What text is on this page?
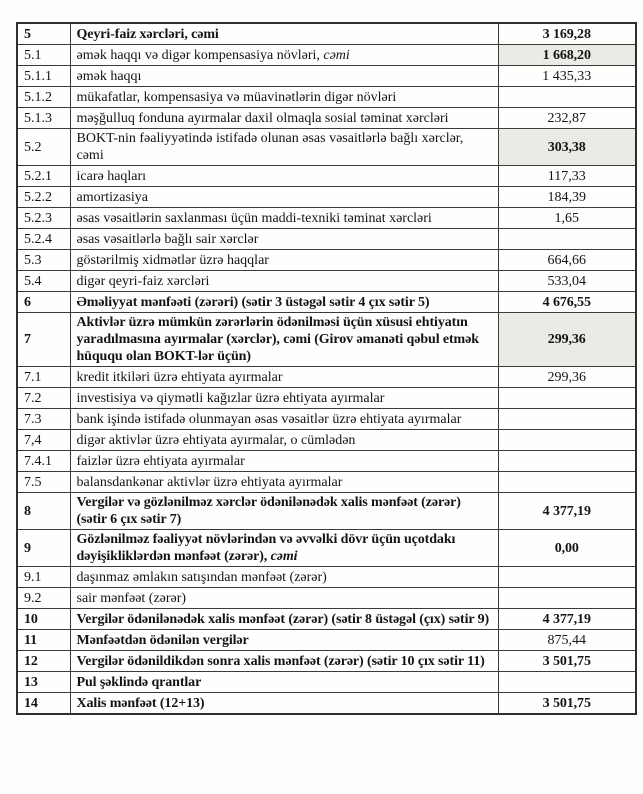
5	Qeyri-faiz xərcləri, cəmi	3 169,28
5.1	əmək haqqı və digər kompensasiya növləri, cəmi	1 668,20
5.1.1	əmək haqqı	1 435,33
5.1.2	mükafatlar, kompensasiya və müavinətlərin digər növləri	
5.1.3	məşğulluq fonduna ayırmalar daxil olmaqla sosial təminat xərcləri	232,87
5.2	BOKT-nin fəaliyyətində istifadə olunan əsas vəsaitlərlə bağlı xərclər, cəmi	303,38
5.2.1	icarə haqları	117,33
5.2.2	amortizasiya	184,39
5.2.3	əsas vəsaitlərin saxlanması üçün maddi-texniki təminat xərcləri	1,65
5.2.4	əsas vəsaitlərlə bağlı sair xərclər	
5.3	göstərilmiş xidmətlər üzrə haqqlar	664,66
5.4	digər qeyri-faiz xərcləri	533,04
6	Əməliyyat mənfəəti (zərəri) (sətir 3 üstəgəl sətir 4 çıx sətir 5)	4 676,55
7	Aktivlər üzrə mümkün zərərlərin ödənilməsi üçün xüsusi ehtiyatın yaradılmasına ayırmalar (xərclər), cəmi (Girov əmanəti qəbul etmək hüququ olan BOKT-lər üçün)	299,36
7.1	kredit itkiləri üzrə ehtiyata ayırmalar	299,36
7.2	investisiya və qiymətli kağızlar üzrə ehtiyata ayırmalar	
7.3	bank işində istifadə olunmayan əsas vəsaitlər üzrə ehtiyata ayırmalar	
7,4	digər aktivlər üzrə ehtiyata ayırmalar, o cümlədən	
7.4.1	faizlər üzrə ehtiyata ayırmalar	
7.5	balansdankənar aktivlər üzrə ehtiyata ayırmalar	
8	Vergilər və gözlənilməz xərclər ödənilənədək xalis mənfəət (zərər) (sətir 6 çıx sətir 7)	4 377,19
9	Gözlənilməz fəaliyyət növlərindən və əvvəlki dövr üçün uçotdakı dəyişikliklərdən mənfəət (zərər), cəmi	0,00
9.1	daşınmaz əmlakın satışından mənfəət (zərər)	
9.2	sair mənfəət (zərər)	
10	Vergilər ödənilənədək xalis mənfəət (zərər) (sətir 8 üstəgəl (çıx) sətir 9)	4 377,19
11	Mənfəətdən ödənilən vergilər	875,44
12	Vergilər ödənildikdən sonra xalis mənfəət (zərər) (sətir 10 çıx sətir 11)	3 501,75
13	Pul şəklində qrantlar	
14	Xalis mənfəət (12+13)	3 501,75
